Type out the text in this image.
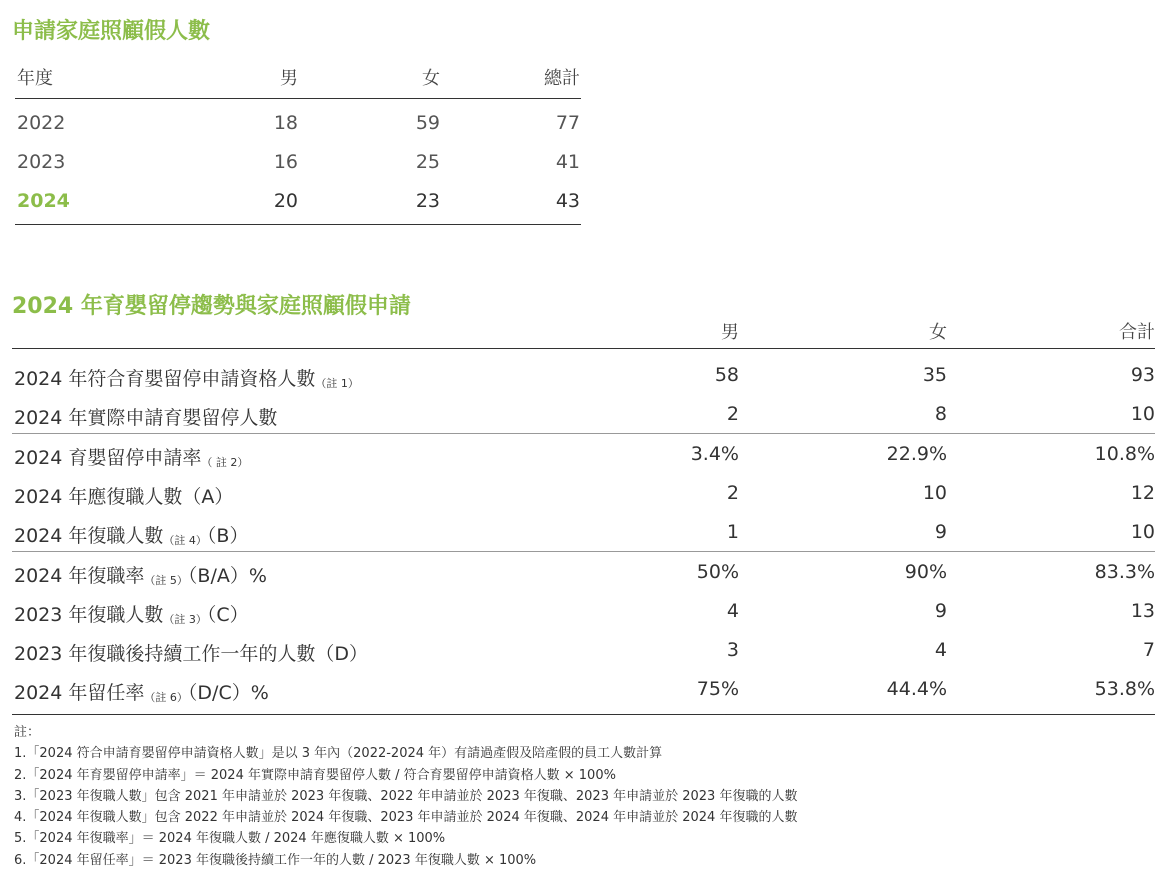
申請家庭照顧假人數
年度	男	女	總計
2022	18	59	77
2023	16	25	41
2024	20	23	43
2024 年育嬰留停趨勢與家庭照顧假申請
男	女	合計
2024 年符合育嬰留停申請資格人數（註 1）	58	35	93
2024 年實際申請育嬰留停人數	2	8	10
2024 育嬰留停申請率（ 註 2）	3.4%	22.9%	10.8%
2024 年應復職人數（A）	2	10	12
2024 年復職人數（註 4）（B）	1	9	10
2024 年復職率（註 5）（B/A）%	50%	90%	83.3%
2023 年復職人數（註 3）（C）	4	9	13
2023 年復職後持續工作一年的人數（D）	3	4	7
2024 年留任率（註 6）（D/C）%	75%	44.4%	53.8%
註：
1.「2024 符合申請育嬰留停申請資格人數」是以 3 年內（2022-2024 年）有請過產假及陪產假的員工人數計算
2.「2024 年育嬰留停申請率」＝ 2024 年實際申請育嬰留停人數 / 符合育嬰留停申請資格人數 × 100%
3.「2023 年復職人數」包含 2021 年申請並於 2023 年復職、2022 年申請並於 2023 年復職、2023 年申請並於 2023 年復職的人數
4.「2024 年復職人數」包含 2022 年申請並於 2024 年復職、2023 年申請並於 2024 年復職、2024 年申請並於 2024 年復職的人數
5.「2024 年復職率」＝ 2024 年復職人數 / 2024 年應復職人數 × 100%
6.「2024 年留任率」＝ 2023 年復職後持續工作一年的人數 / 2023 年復職人數 × 100%
